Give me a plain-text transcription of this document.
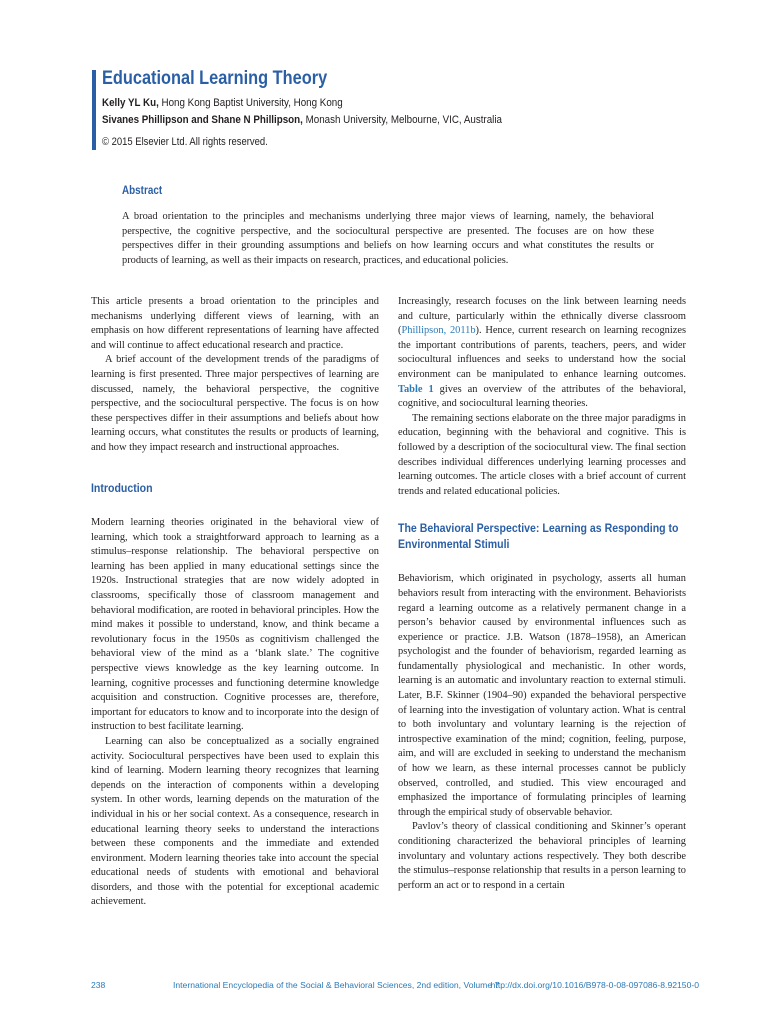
Educational Learning Theory
Kelly YL Ku, Hong Kong Baptist University, Hong Kong
Sivanes Phillipson and Shane N Phillipson, Monash University, Melbourne, VIC, Australia
© 2015 Elsevier Ltd. All rights reserved.
Abstract
A broad orientation to the principles and mechanisms underlying three major views of learning, namely, the behavioral perspective, the cognitive perspective, and the sociocultural perspective are presented. The focuses are on how these perspectives differ in their grounding assumptions and beliefs on how learning occurs and what constitutes the results or products of learning, as well as their impacts on research, practices, and educational policies.

This article presents a broad orientation to the principles and mechanisms underlying different views of learning, with an emphasis on how different representations of learning have affected and will continue to affect educational research and practice.

A brief account of the development trends of the paradigms of learning is first presented. Three major perspectives of learning are discussed, namely, the behavioral perspective, the cognitive perspective, and the sociocultural perspective. The focus is on how these perspectives differ in their assumptions and beliefs about how learning occurs, what constitutes the results or products of learning, and how they impact research and instructional approaches.

Introduction

Modern learning theories originated in the behavioral view of learning, which took a straightforward approach to learning as a stimulus–response relationship. The behavioral perspective on learning has been applied in many educational settings since the 1920s. Instructional strategies that are now widely adopted in classrooms, specifically those of classroom management and behavioral modification, are rooted in behavioral principles. How the mind makes it possible to understand, know, and think became a revolutionary focus in the 1950s as cognitivism challenged the behavioral view of the mind as a ‘blank slate.’ The cognitive perspective views knowledge as the key learning outcome. In learning, cognitive processes and functioning determine knowledge acquisition and construction. Cognitive processes are, therefore, important for educators to know and to incorporate into the design of instruction to best facilitate learning.

Learning can also be conceptualized as a socially engrained activity. Sociocultural perspectives have been used to explain this kind of learning. Modern learning theory recognizes that learning depends on the interaction of components within a developing system. In other words, learning depends on the maturation of the individual in his or her social context. As a consequence, research in educational learning theory seeks to understand the interactions between these components and the immediate and extended environment. Modern learning theories take into account the special educational needs of students with emotional and behavioral disorders, and those with the potential for exceptional academic achievement.

Increasingly, research focuses on the link between learning needs and culture, particularly within the ethnically diverse classroom (Phillipson, 2011b). Hence, current research on learning recognizes the important contributions of parents, teachers, peers, and wider sociocultural influences and seeks to understand how the social environment can be manipulated to enhance learning outcomes. Table 1 gives an overview of the attributes of the behavioral, cognitive, and sociocultural learning theories.

The remaining sections elaborate on the three major paradigms in education, beginning with the behavioral and cognitive. This is followed by a description of the sociocultural view. The final section describes individual differences underlying learning processes and learning outcomes. The article closes with a brief account of current trends and related educational policies.

The Behavioral Perspective: Learning as Responding to Environmental Stimuli

Behaviorism, which originated in psychology, asserts all human behaviors result from interacting with the environment. Behaviorists regard a learning outcome as a relatively permanent change in a person’s behavior caused by environmental influences such as experience or practice. J.B. Watson (1878–1958), an American psychologist and the founder of behaviorism, regarded learning as fundamentally physiological and mechanistic. In other words, learning is an automatic and involuntary reaction to external stimuli. Later, B.F. Skinner (1904–90) expanded the behavioral perspective of learning into the investigation of voluntary action. What is central to both involuntary and voluntary learning is the rejection of introspective examination of the mind; cognition, feeling, purpose, aim, and will are excluded in seeking to understand the mechanism of how we learn, as these internal processes cannot be publicly observed, controlled, and studied. This view encouraged and emphasized the importance of formulating principles of learning through the empirical study of observable behavior.

Pavlov’s theory of classical conditioning and Skinner’s operant conditioning characterized the behavioral principles of learning involuntary and voluntary actions respectively. They both describe the stimulus–response relationship that results in a person learning to perform an act or to respond in a certain

238	International Encyclopedia of the Social & Behavioral Sciences, 2nd edition, Volume 7
http://dx.doi.org/10.1016/B978-0-08-097086-8.92150-0
